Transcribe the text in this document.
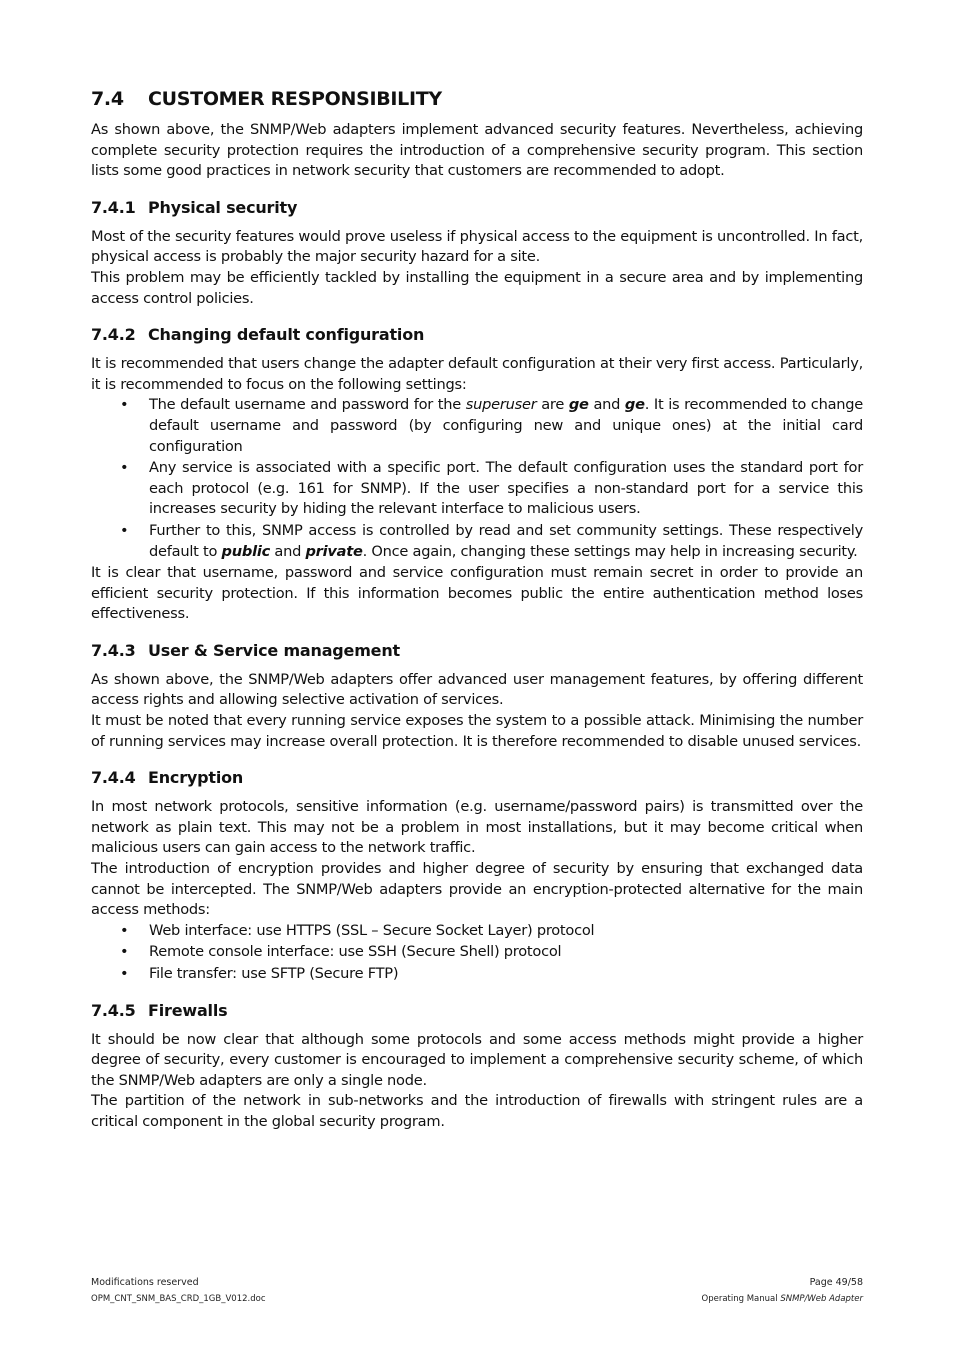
7.4 CUSTOMER RESPONSIBILITY

As shown above, the SNMP/Web adapters implement advanced security features. Nevertheless, achieving complete security protection requires the introduction of a comprehensive security program. This section lists some good practices in network security that customers are recommended to adopt.

7.4.1 Physical security

Most of the security features would prove useless if physical access to the equipment is uncontrolled. In fact, physical access is probably the major security hazard for a site.

This problem may be efficiently tackled by installing the equipment in a secure area and by implementing access control policies.

7.4.2 Changing default configuration

It is recommended that users change the adapter default configuration at their very first access. Particularly, it is recommended to focus on the following settings:

• The default username and password for the superuser are ge and ge. It is recommended to change default username and password (by configuring new and unique ones) at the initial card configuration
• Any service is associated with a specific port. The default configuration uses the standard port for each protocol (e.g. 161 for SNMP). If the user specifies a non-standard port for a service this increases security by hiding the relevant interface to malicious users.
• Further to this, SNMP access is controlled by read and set community settings. These respectively default to public and private. Once again, changing these settings may help in increasing security.

It is clear that username, password and service configuration must remain secret in order to provide an efficient security protection. If this information becomes public the entire authentication method loses effectiveness.

7.4.3 User & Service management

As shown above, the SNMP/Web adapters offer advanced user management features, by offering different access rights and allowing selective activation of services.

It must be noted that every running service exposes the system to a possible attack. Minimising the number of running services may increase overall protection. It is therefore recommended to disable unused services.

7.4.4 Encryption

In most network protocols, sensitive information (e.g. username/password pairs) is transmitted over the network as plain text. This may not be a problem in most installations, but it may become critical when malicious users can gain access to the network traffic.

The introduction of encryption provides and higher degree of security by ensuring that exchanged data cannot be intercepted. The SNMP/Web adapters provide an encryption-protected alternative for the main access methods:

• Web interface: use HTTPS (SSL – Secure Socket Layer) protocol
• Remote console interface: use SSH (Secure Shell) protocol
• File transfer: use SFTP (Secure FTP)
7.4.5 Firewalls

It should be now clear that although some protocols and some access methods might provide a higher degree of security, every customer is encouraged to implement a comprehensive security scheme, of which the SNMP/Web adapters are only a single node.

The partition of the network in sub-networks and the introduction of firewalls with stringent rules are a critical component in the global security program.

Modifications reserved	Page 49/58
OPM_CNT_SNM_BAS_CRD_1GB_V012.doc	Operating Manual SNMP/Web Adapter
